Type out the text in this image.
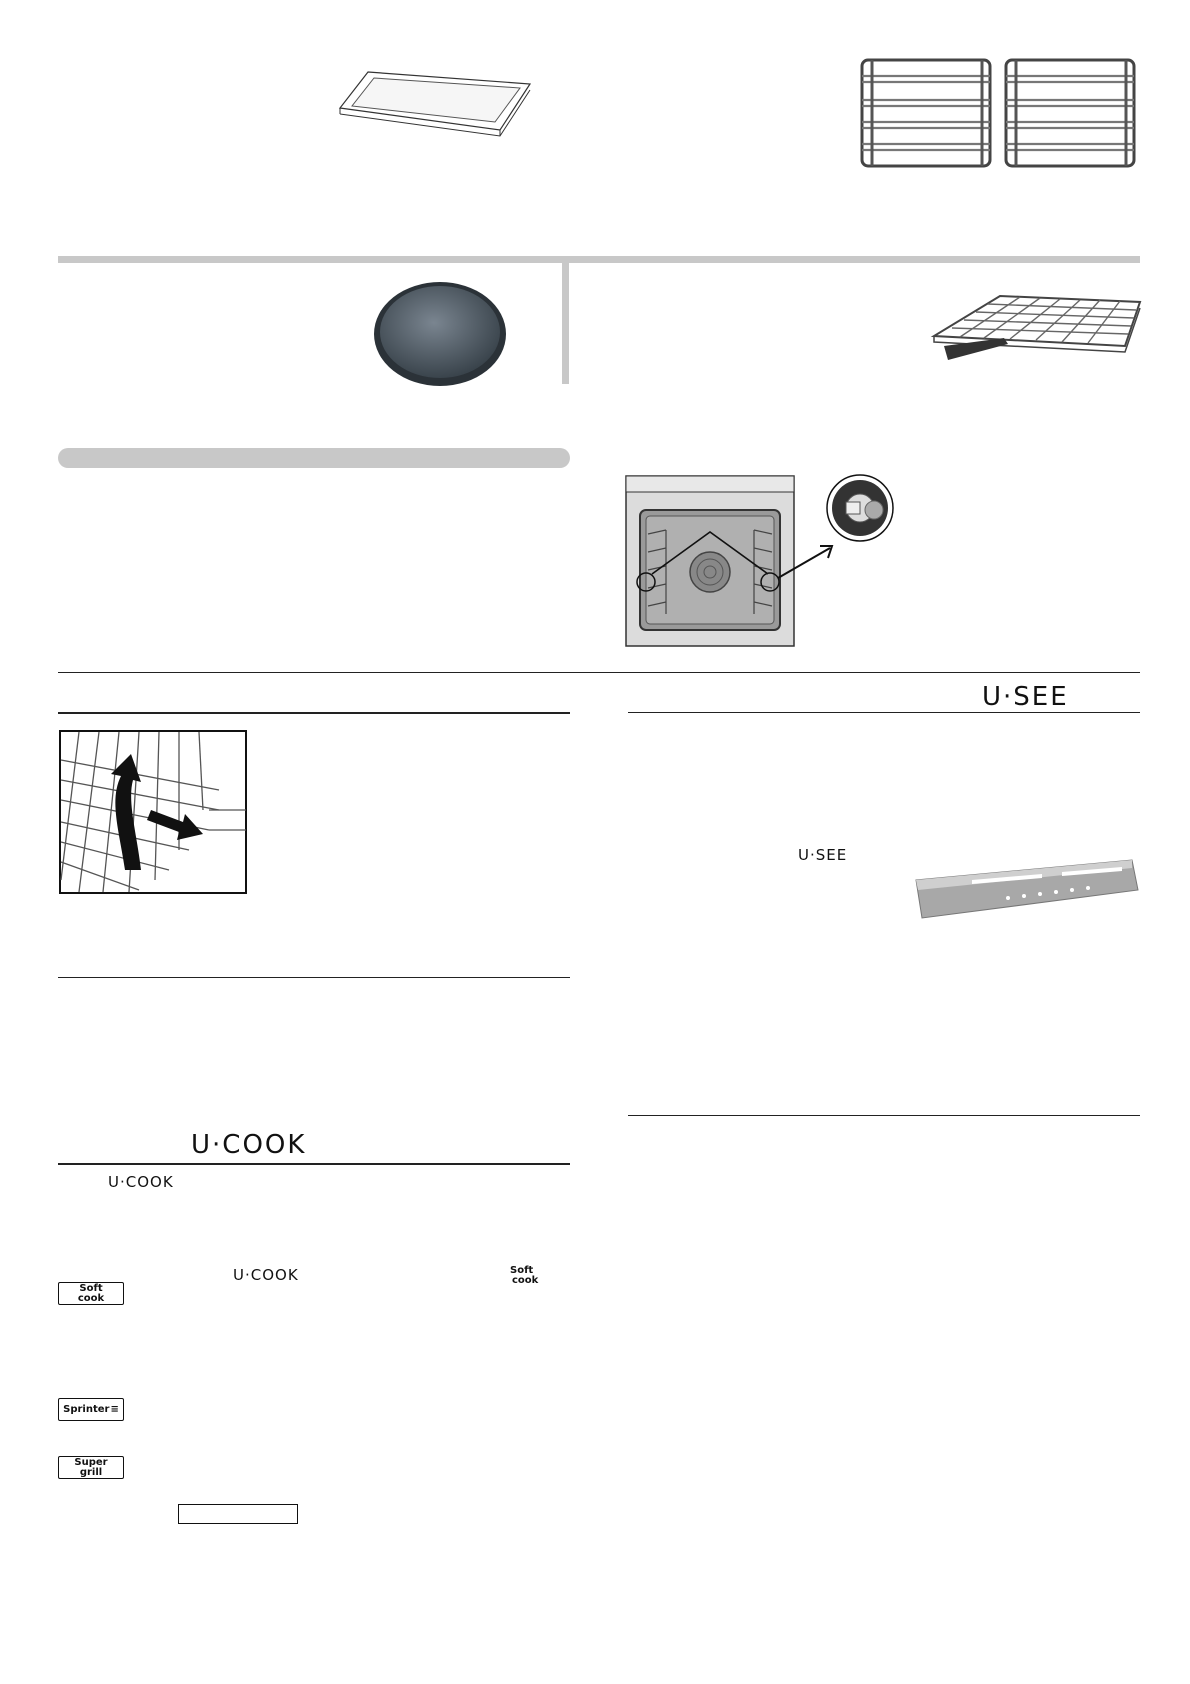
U·SEE
U·SEE
U·COOK
U·COOK
U·COOK	Soft
cook
Soft
cook
Sprinter ≡
Super
grill
